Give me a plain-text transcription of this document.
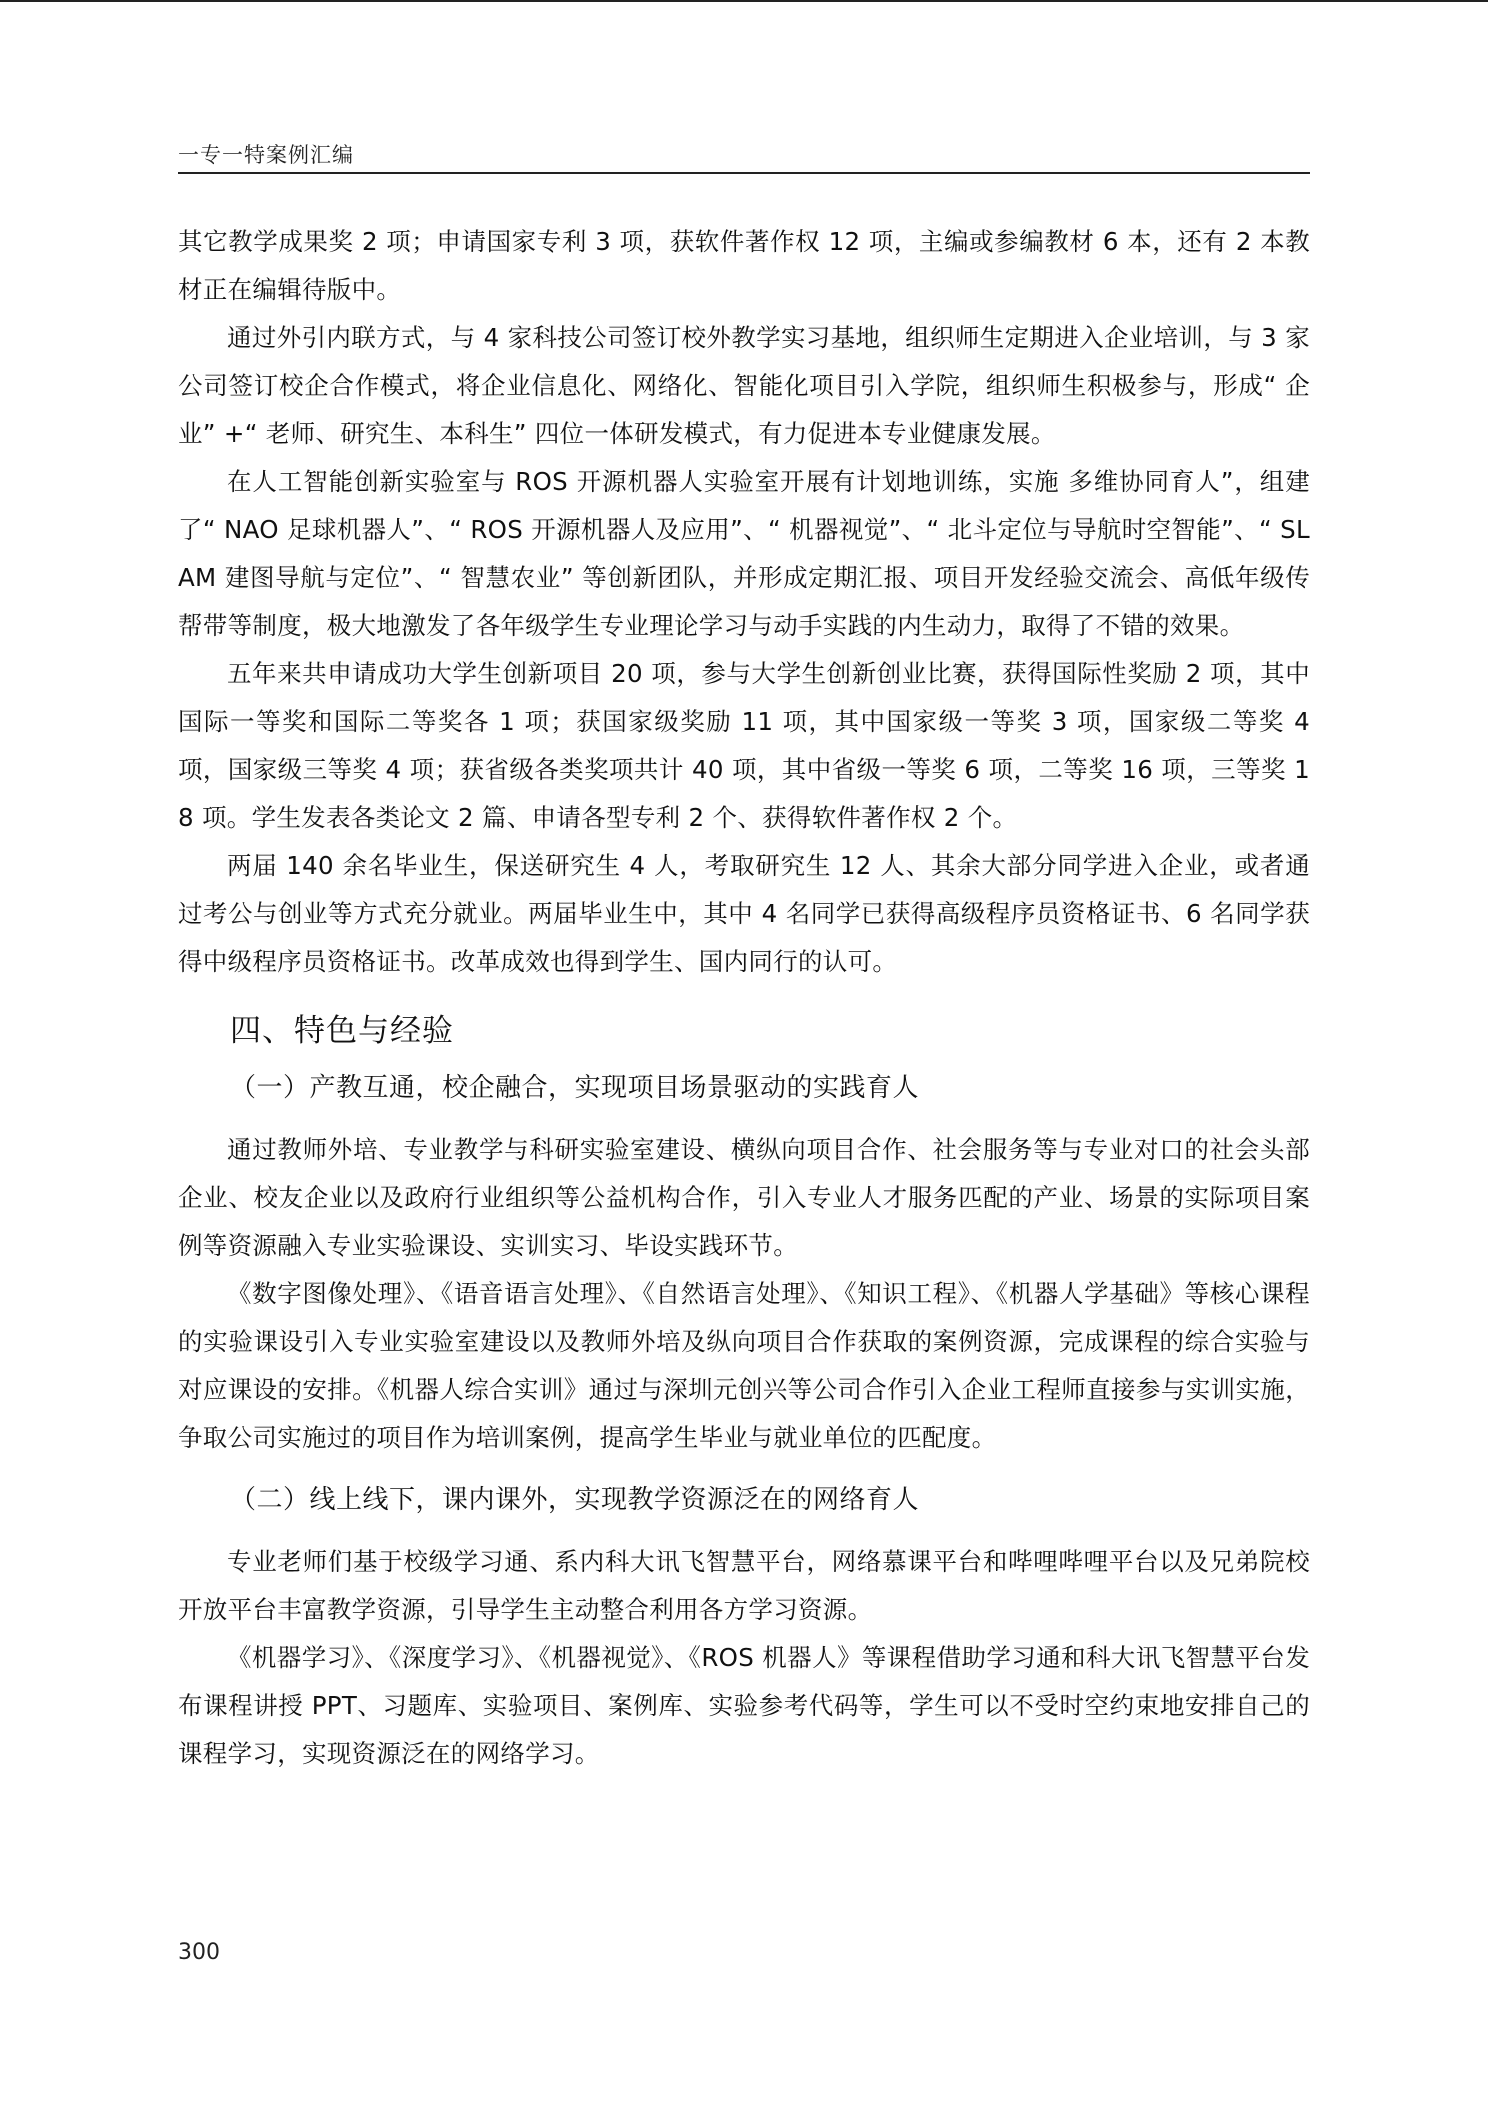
一专一特案例汇编

其它教学成果奖 2 项；申请国家专利 3 项，获软件著作权 12 项，主编或参编教材 6 本，还有 2 本教材正在编辑待版中。

通过外引内联方式，与 4 家科技公司签订校外教学实习基地，组织师生定期进入企业培训，与 3 家公司签订校企合作模式，将企业信息化、网络化、智能化项目引入学院，组织师生积极参与，形成“ 企业” +“ 老师、研究生、本科生” 四位一体研发模式，有力促进本专业健康发展。

在人工智能创新实验室与 ROS 开源机器人实验室开展有计划地训练，实施 多维协同育人”，组建了“ NAO 足球机器人”、“ ROS 开源机器人及应用”、“ 机器视觉”、“ 北斗定位与导航时空智能”、“ SLAM 建图导航与定位”、“ 智慧农业” 等创新团队，并形成定期汇报、项目开发经验交流会、高低年级传帮带等制度，极大地激发了各年级学生专业理论学习与动手实践的内生动力，取得了不错的效果。

五年来共申请成功大学生创新项目 20 项，参与大学生创新创业比赛，获得国际性奖励 2 项，其中国际一等奖和国际二等奖各 1 项；获国家级奖励 11 项，其中国家级一等奖 3 项，国家级二等奖 4 项，国家级三等奖 4 项；获省级各类奖项共计 40 项，其中省级一等奖 6 项，二等奖 16 项，三等奖 18 项。学生发表各类论文 2 篇、申请各型专利 2 个、获得软件著作权 2 个。

两届 140 余名毕业生，保送研究生 4 人，考取研究生 12 人、其余大部分同学进入企业，或者通过考公与创业等方式充分就业。两届毕业生中，其中 4 名同学已获得高级程序员资格证书、6 名同学获得中级程序员资格证书。改革成效也得到学生、国内同行的认可。

四、特色与经验
（一）产教互通，校企融合，实现项目场景驱动的实践育人

通过教师外培、专业教学与科研实验室建设、横纵向项目合作、社会服务等与专业对口的社会头部企业、校友企业以及政府行业组织等公益机构合作，引入专业人才服务匹配的产业、场景的实际项目案例等资源融入专业实验课设、实训实习、毕设实践环节。

《数字图像处理》、《语音语言处理》、《自然语言处理》、《知识工程》、《机器人学基础》等核心课程的实验课设引入专业实验室建设以及教师外培及纵向项目合作获取的案例资源，完成课程的综合实验与对应课设的安排。《机器人综合实训》通过与深圳元创兴等公司合作引入企业工程师直接参与实训实施，争取公司实施过的项目作为培训案例，提高学生毕业与就业单位的匹配度。

（二）线上线下，课内课外，实现教学资源泛在的网络育人

专业老师们基于校级学习通、系内科大讯飞智慧平台，网络慕课平台和哔哩哔哩平台以及兄弟院校开放平台丰富教学资源，引导学生主动整合利用各方学习资源。

《机器学习》、《深度学习》、《机器视觉》、《ROS 机器人》等课程借助学习通和科大讯飞智慧平台发布课程讲授 PPT、习题库、实验项目、案例库、实验参考代码等，学生可以不受时空约束地安排自己的课程学习，实现资源泛在的网络学习。

300
